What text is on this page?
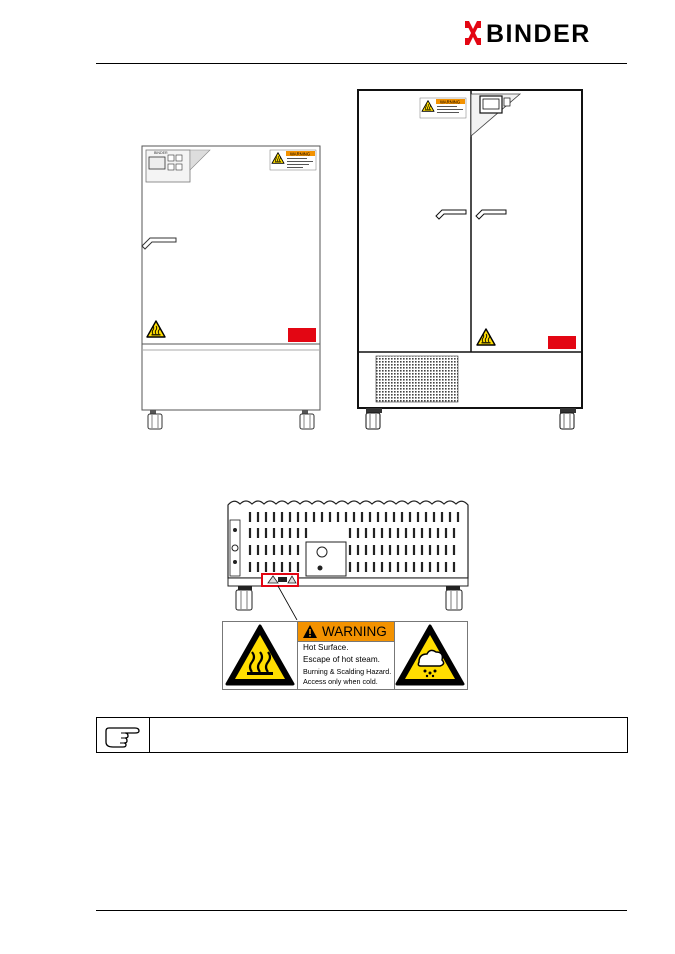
BINDER
BINDER	WARNING
WARNING
WARNING
Hot Surface.
Escape of hot steam.
Burning & Scalding Hazard.
Access only when cold.
